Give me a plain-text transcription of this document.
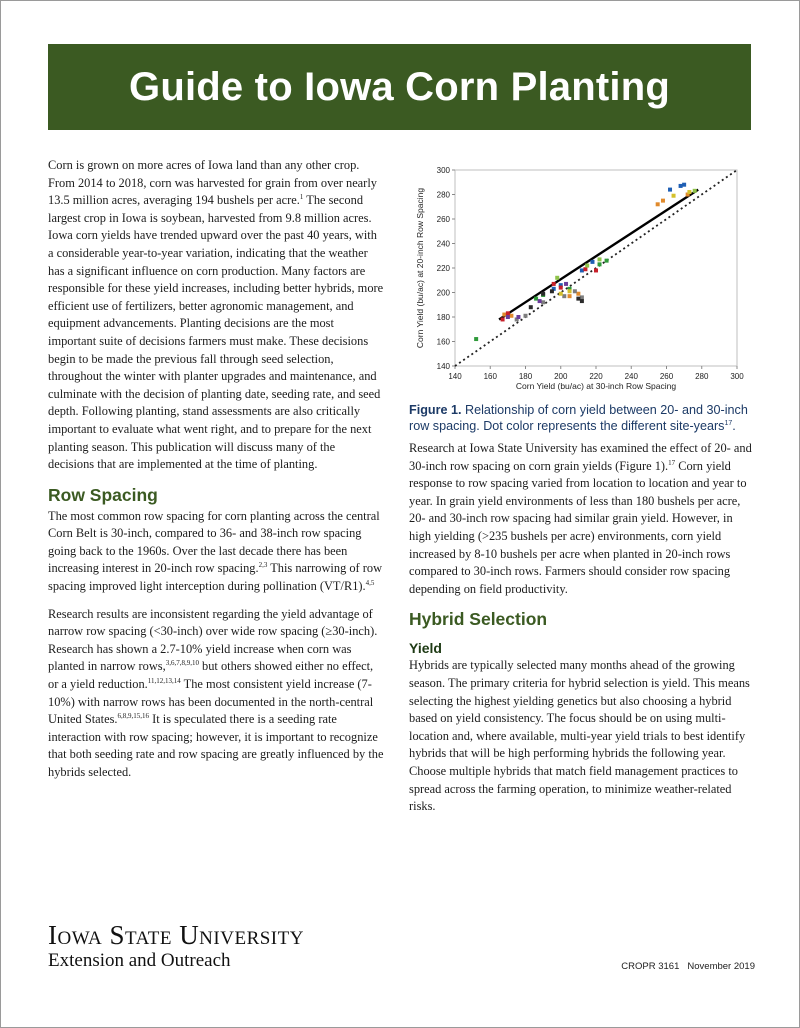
Guide to Iowa Corn Planting

Corn is grown on more acres of Iowa land than any other crop. From 2014 to 2018, corn was harvested for grain from over nearly 13.5 million acres, averaging 194 bushels per acre.$^1$ The second largest crop in Iowa is soybean, harvested from 9.8 million acres. Iowa corn yields have trended upward over the past 40 years, with a considerable year-to-year variation, indicating that the weather has a significant influence on corn production. Many factors are responsible for these yield increases, including better hybrids, more efficient use of fertilizers, better agronomic management, and equipment advancements. Planting decisions are the most important suite of decisions farmers must make. These decisions begin to be made the previous fall through seed selection, throughout the winter with planter upgrades and maintenance, and culminate with the decision of planting date, seeding rate, and seed depth. Following planting, stand assessments are also critically important to evaluate what went right, and to prepare for the next planting season. This publication will discuss many of the decisions that are implemented at the time of planting.

Row Spacing

The most common row spacing for corn planting across the central Corn Belt is 30-inch, compared to 36- and 38-inch row spacing going back to the 1960s. Over the last decade there has been increasing interest in 20-inch row spacing.$^{2,3}$ This narrowing of row spacing improved light interception during pollination (VT/R1).$^{4,5}$

Research results are inconsistent regarding the yield advantage of narrow row spacing (<30-inch) over wide row spacing (≥30-inch). Research has shown a 2.7-10% yield increase when corn was planted in narrow rows,$^{3,6,7,8,9,10}$ but others showed either no effect, or a yield reduction.$^{11,12,13,14}$ The most consistent yield increase (7-10%) with narrow rows has been documented in the north-central United States.$^{6,8,9,15,16}$ It is speculated there is a seeding rate interaction with row spacing; however, it is important to recognize that both seeding rate and row spacing are greatly influenced by the hybrids selected.

140
160
180
200
220
240
260
280
300
140	160	180	200	220	240	260	280	300
Corn Yield (bu/ac) at 30-inch Row Spacing
Corn Yield (bu/ac) at 20-inch Row Spacing
Figure 1. Relationship of corn yield between 20- and 30-inch row spacing. Dot color represents the different site-years$^{17}$.

Research at Iowa State University has examined the effect of 20- and 30-inch row spacing on corn grain yields (Figure 1).$^{17}$ Corn yield response to row spacing varied from location to location and year to year. In grain yield environments of less than 180 bushels per acre, 20- and 30-inch row spacing had similar grain yield. However, in high yielding (>235 bushels per acre) environments, corn yield increased by 8-10 bushels per acre when planted in 20-inch rows compared to 30-inch rows. Farmers should consider row spacing depending on field productivity.

Hybrid Selection
Yield

Hybrids are typically selected many months ahead of the growing season. The primary criteria for hybrid selection is yield. This means selecting the highest yielding genetics but also choosing a hybrid based on yield consistency. The focus should be on using multi-location and, where available, multi-year yield trials to best identify hybrids that will be high performing hybrids the following year. Choose multiple hybrids that match field management practices to spread across the farming operation, to minimize weather-related risks.

Iowa State University
Extension and Outreach	CROPR 3161 November 2019
